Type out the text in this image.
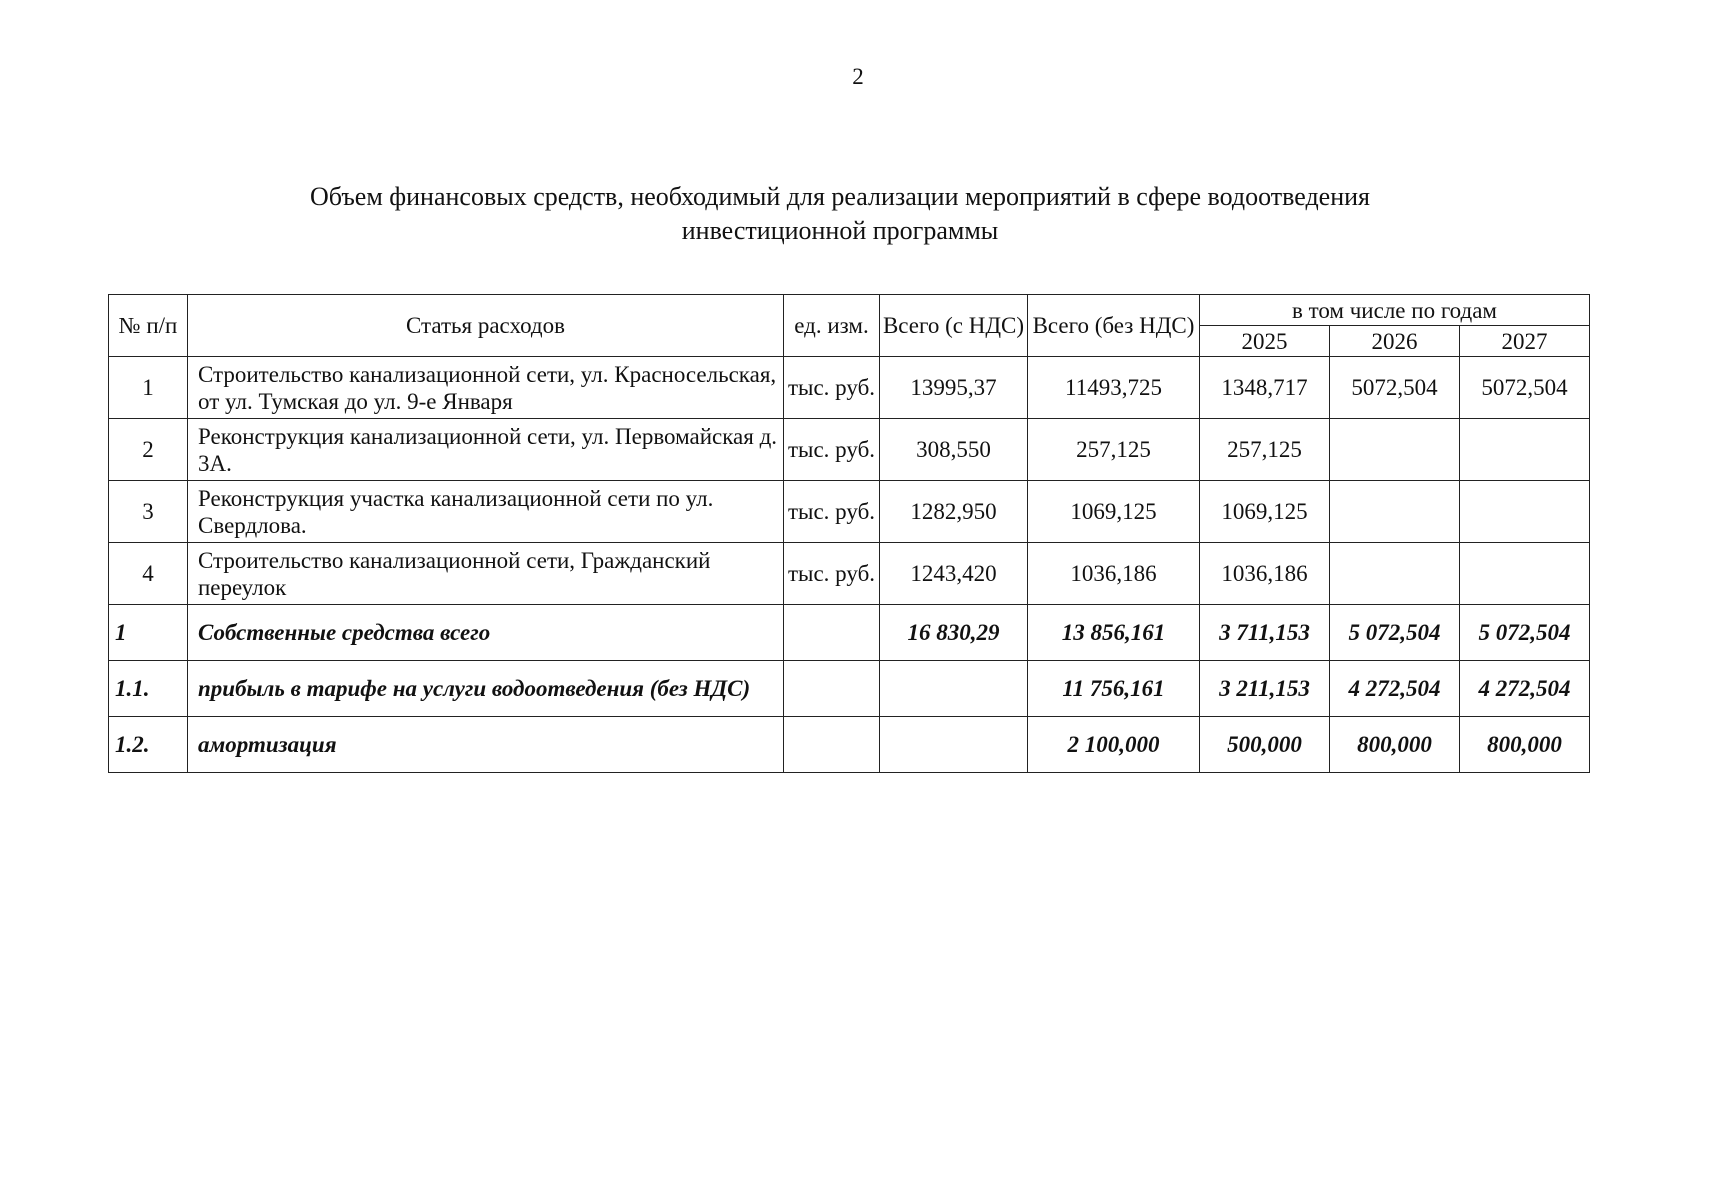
2
Объем финансовых средств, необходимый для реализации мероприятий в сфере водоотведения
инвестиционной программы
№ п/п	Статья расходов	ед. изм.	Всего (с НДС)	Всего (без НДС)	в том числе по годам		
					2025	2026	2027
1	Строительство канализационной сети, ул. Красносельская, от ул. Тумская до ул. 9-е Января	тыс. руб.	13995,37	11493,725	1348,717	5072,504	5072,504
2	Реконструкция канализационной сети, ул. Первомайская д. 3А.	тыс. руб.	308,550	257,125	257,125		
3	Реконструкция участка канализационной сети по ул. Свердлова.	тыс. руб.	1282,950	1069,125	1069,125		
4	Строительство канализационной сети, Гражданский переулок	тыс. руб.	1243,420	1036,186	1036,186		
1	Собственные средства всего		16 830,29	13 856,161	3 711,153	5 072,504	5 072,504
1.1.	прибыль в тарифе на услуги водоотведения (без НДС)			11 756,161	3 211,153	4 272,504	4 272,504
1.2.	амортизация			2 100,000	500,000	800,000	800,000
